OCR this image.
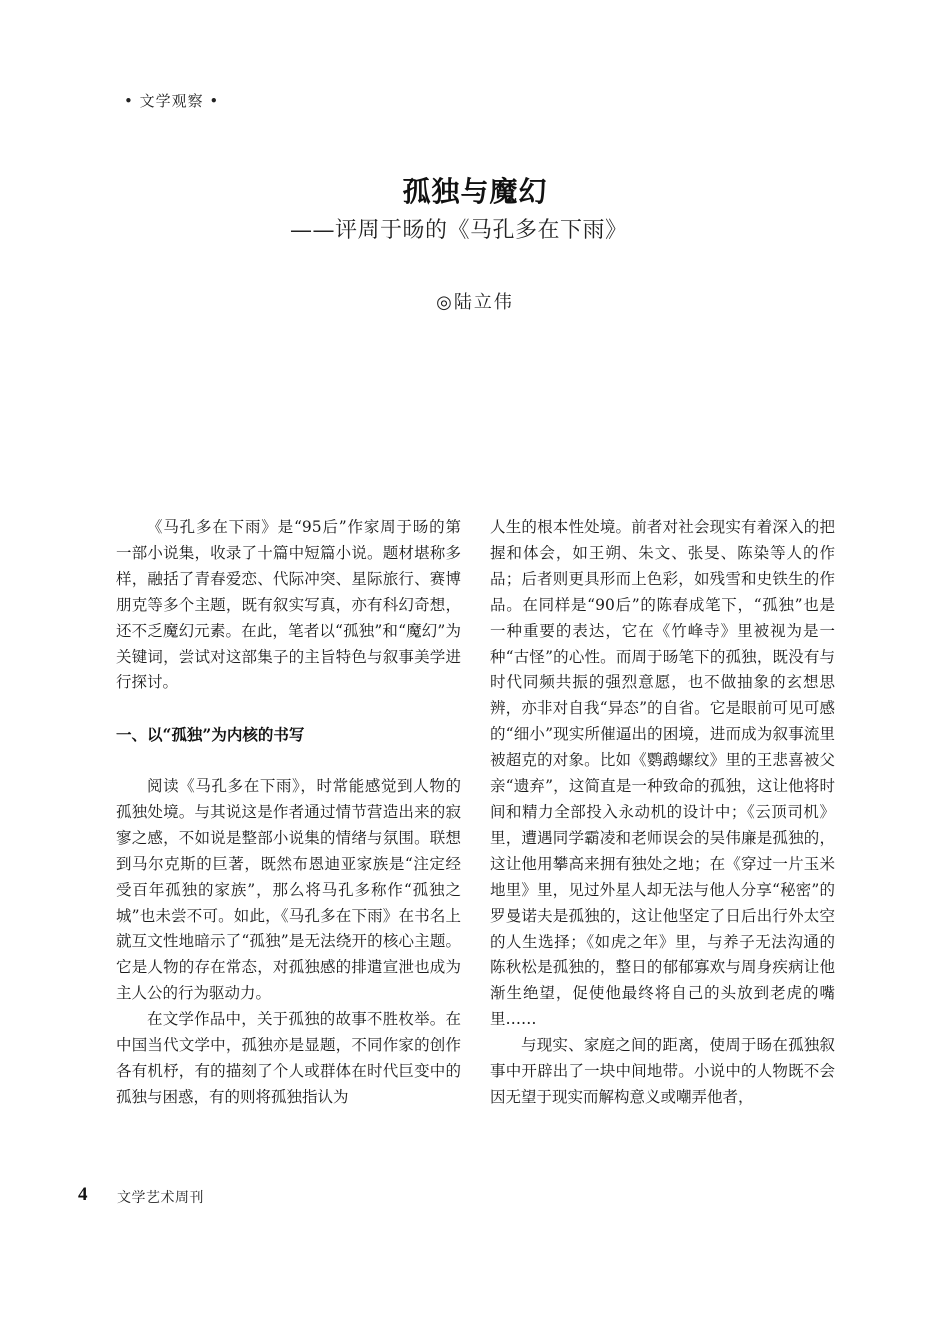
• 文学观察 •
孤独与魔幻
——评周于旸的《马孔多在下雨》
◎陆立伟

《马孔多在下雨》是“95后”作家周于旸的第一部小说集，收录了十篇中短篇小说。题材堪称多样，融括了青春爱恋、代际冲突、星际旅行、赛博朋克等多个主题，既有叙实写真，亦有科幻奇想，还不乏魔幻元素。在此，笔者以“孤独”和“魔幻”为关键词，尝试对这部集子的主旨特色与叙事美学进行探讨。

一、以“孤独”为内核的书写

阅读《马孔多在下雨》，时常能感觉到人物的孤独处境。与其说这是作者通过情节营造出来的寂寥之感，不如说是整部小说集的情绪与氛围。联想到马尔克斯的巨著，既然布恩迪亚家族是“注定经受百年孤独的家族”，那么将马孔多称作“孤独之城”也未尝不可。如此，《马孔多在下雨》在书名上就互文性地暗示了“孤独”是无法绕开的核心主题。它是人物的存在常态，对孤独感的排遣宣泄也成为主人公的行为驱动力。

在文学作品中，关于孤独的故事不胜枚举。在中国当代文学中，孤独亦是显题，不同作家的创作各有机杼，有的描刻了个人或群体在时代巨变中的孤独与困惑，有的则将孤独指认为

人生的根本性处境。前者对社会现实有着深入的把握和体会，如王朔、朱文、张旻、陈染等人的作品；后者则更具形而上色彩，如残雪和史铁生的作品。在同样是“90后”的陈春成笔下，“孤独”也是一种重要的表达，它在《竹峰寺》里被视为是一种“古怪”的心性。而周于旸笔下的孤独，既没有与时代同频共振的强烈意愿，也不做抽象的玄想思辨，亦非对自我“异态”的自省。它是眼前可见可感的“细小”现实所催逼出的困境，进而成为叙事流里被超克的对象。比如《鹦鹉螺纹》里的王悲喜被父亲“遗弃”，这简直是一种致命的孤独，这让他将时间和精力全部投入永动机的设计中；《云顶司机》里，遭遇同学霸凌和老师误会的吴伟廉是孤独的，这让他用攀高来拥有独处之地；在《穿过一片玉米地里》里，见过外星人却无法与他人分享“秘密”的罗曼诺夫是孤独的，这让他坚定了日后出行外太空的人生选择；《如虎之年》里，与养子无法沟通的陈秋松是孤独的，整日的郁郁寡欢与周身疾病让他渐生绝望，促使他最终将自己的头放到老虎的嘴里……

与现实、家庭之间的距离，使周于旸在孤独叙事中开辟出了一块中间地带。小说中的人物既不会因无望于现实而解构意义或嘲弄他者，

4 文学艺术周刊
